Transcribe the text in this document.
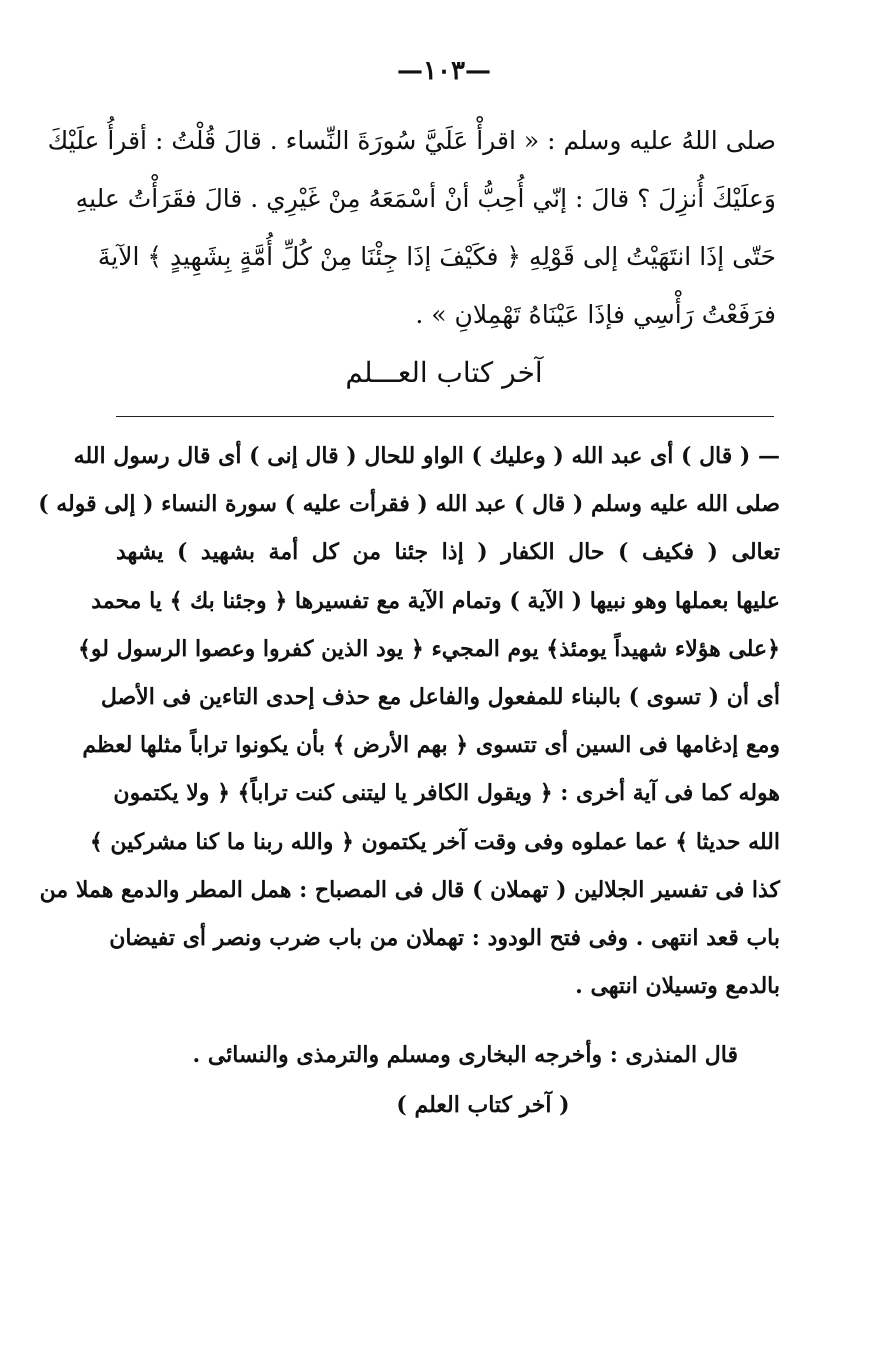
—١٠٣—
صلى اللهُ عليه وسلم : « اقرأْ عَلَيَّ سُورَةَ النِّساء . قالَ قُلْتُ : أقرأُ علَيْكَ
وَعلَيْكَ أُنزِلَ ؟ قالَ : إنّي أُحِبُّ أنْ أسْمَعَهُ مِنْ غَيْرِي . قالَ فقَرَأْتُ عليهِ
حَتّى إذَا انتَهَيْتُ إلى قَوْلِهِ ﴿ فكَيْفَ إذَا جِئْنَا مِنْ كُلِّ أُمَّةٍ بِشَهِيدٍ ﴾ الآيةَ
فرَفَعْتُ رَأْسِي فإذَا عَيْنَاهُ تَهْمِلانِ » .
آخر كتاب العـــلم
— ( قال ) أى عبد الله ( وعليك ) الواو للحال ( قال إنى ) أى قال رسول الله
صلى الله عليه وسلم ( قال ) عبد الله ( فقرأت عليه ) سورة النساء ( إلى قوله )
تعالى ( فكيف ) حال الكفار ( إذا جئنا من كل أمة بشهيد ) يشهد
عليها بعملها وهو نبيها ( الآية ) وتمام الآية مع تفسيرها ﴿ وجئنا بك ﴾ يا محمد
﴿على هؤلاء شهيداً يومئذ﴾ يوم المجيء ﴿ يود الذين كفروا وعصوا الرسول لو﴾
أى أن ( تسوى ) بالبناء للمفعول والفاعل مع حذف إحدى التاءين فى الأصل
ومع إدغامها فى السين أى تتسوى ﴿ بهم الأرض ﴾ بأن يكونوا تراباً مثلها لعظم
هوله كما فى آية أخرى : ﴿ ويقول الكافر يا ليتنى كنت تراباً﴾ ﴿ ولا يكتمون
الله حديثا ﴾ عما عملوه وفى وقت آخر يكتمون ﴿ والله ربنا ما كنا مشركين ﴾
كذا فى تفسير الجلالين ( تهملان ) قال فى المصباح : همل المطر والدمع هملا من
باب قعد انتهى . وفى فتح الودود : تهملان من باب ضرب ونصر أى تفيضان
بالدمع وتسيلان انتهى .
قال المنذرى : وأخرجه البخارى ومسلم والترمذى والنسائى .
( آخر كتاب العلم )
